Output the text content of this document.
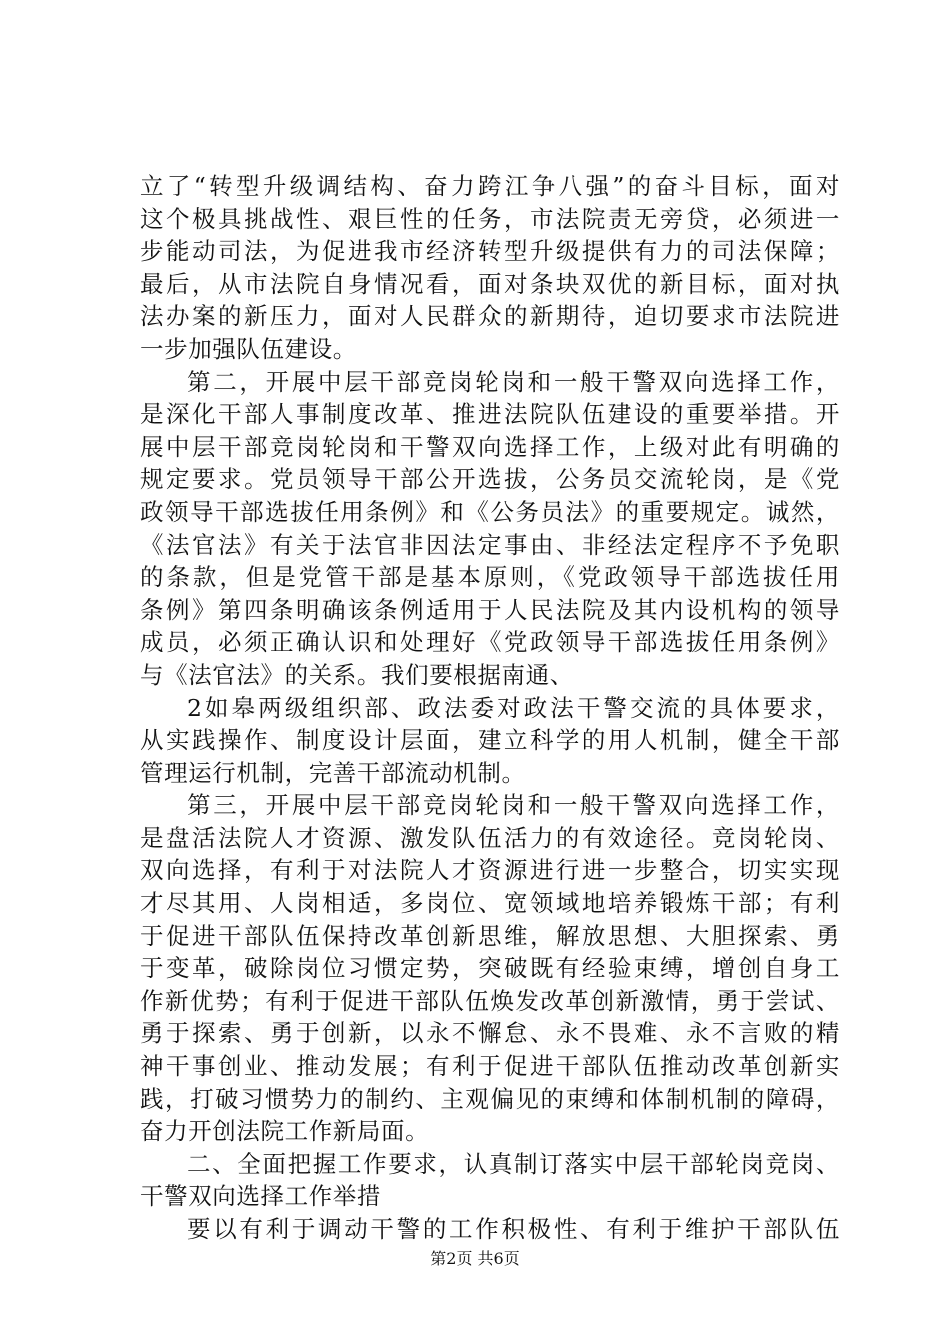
立了“转型升级调结构、奋力跨江争八强”的奋斗目标，面对
这个极具挑战性、艰巨性的任务，市法院责无旁贷，必须进一
步能动司法，为促进我市经济转型升级提供有力的司法保障；
最后，从市法院自身情况看，面对条块双优的新目标，面对执
法办案的新压力，面对人民群众的新期待，迫切要求市法院进
一步加强队伍建设。
第二，开展中层干部竞岗轮岗和一般干警双向选择工作，
是深化干部人事制度改革、推进法院队伍建设的重要举措。开
展中层干部竞岗轮岗和干警双向选择工作，上级对此有明确的
规定要求。党员领导干部公开选拔，公务员交流轮岗，是《党
政领导干部选拔任用条例》和《公务员法》的重要规定。诚然，
《法官法》有关于法官非因法定事由、非经法定程序不予免职
的条款，但是党管干部是基本原则，《党政领导干部选拔任用
条例》第四条明确该条例适用于人民法院及其内设机构的领导
成员，必须正确认识和处理好《党政领导干部选拔任用条例》
与《法官法》的关系。我们要根据南通、
2如皋两级组织部、政法委对政法干警交流的具体要求，
从实践操作、制度设计层面，建立科学的用人机制，健全干部
管理运行机制，完善干部流动机制。
第三，开展中层干部竞岗轮岗和一般干警双向选择工作，
是盘活法院人才资源、激发队伍活力的有效途径。竞岗轮岗、
双向选择，有利于对法院人才资源进行进一步整合，切实实现
才尽其用、人岗相适，多岗位、宽领域地培养锻炼干部；有利
于促进干部队伍保持改革创新思维，解放思想、大胆探索、勇
于变革，破除岗位习惯定势，突破既有经验束缚，增创自身工
作新优势；有利于促进干部队伍焕发改革创新激情，勇于尝试、
勇于探索、勇于创新，以永不懈怠、永不畏难、永不言败的精
神干事创业、推动发展；有利于促进干部队伍推动改革创新实
践，打破习惯势力的制约、主观偏见的束缚和体制机制的障碍，
奋力开创法院工作新局面。
二、全面把握工作要求，认真制订落实中层干部轮岗竞岗、
干警双向选择工作举措
要以有利于调动干警的工作积极性、有利于维护干部队伍
第2页 共6页
